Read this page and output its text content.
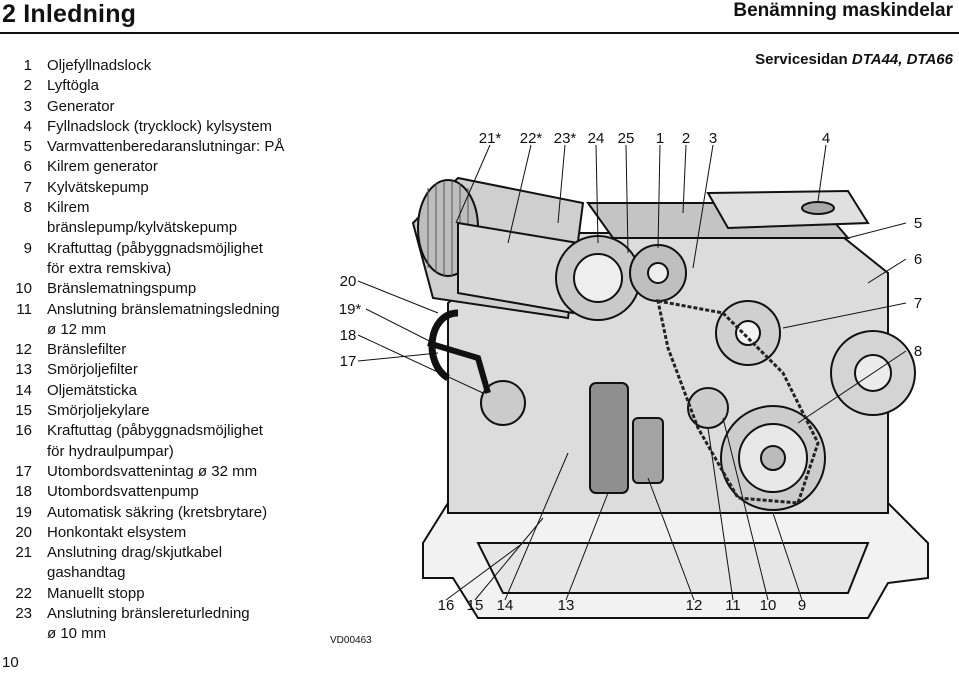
2 Inledning	Benämning maskindelar
1 Oljefyllnadslock
2 Lyftögla
3 Generator
4 Fyllnadslock (trycklock) kylsystem
5 Varmvattenberedaranslutningar: PÅ
6 Kilrem generator
7 Kylvätskepump
8 Kilrem
bränslepump/kylvätskepump
9 Kraftuttag (påbyggnadsmöjlighet
för extra remskiva)
10 Bränslematningspump
11 Anslutning bränslematningsledning
ø 12 mm
12 Bränslefilter
13 Smörjoljefilter
14 Oljemätsticka
15 Smörjoljekylare
16 Kraftuttag (påbyggnadsmöjlighet
för hydraulpumpar)
17 Utombordsvattenintag ø 32 mm
18 Utombordsvattenpump
19 Automatisk säkring (kretsbrytare)
20 Honkontakt elsystem
21 Anslutning drag/skjutkabel
gashandtag
22 Manuellt stopp
23 Anslutning bränslereturledning
ø 10 mm
Servicesidan DTA44, DTA66
21* 22* 23* 24 25 1 2 3	4
20
19*
18
17
5
6
7
8
16 15 14	13	12 11 10 9
VD00463
10
